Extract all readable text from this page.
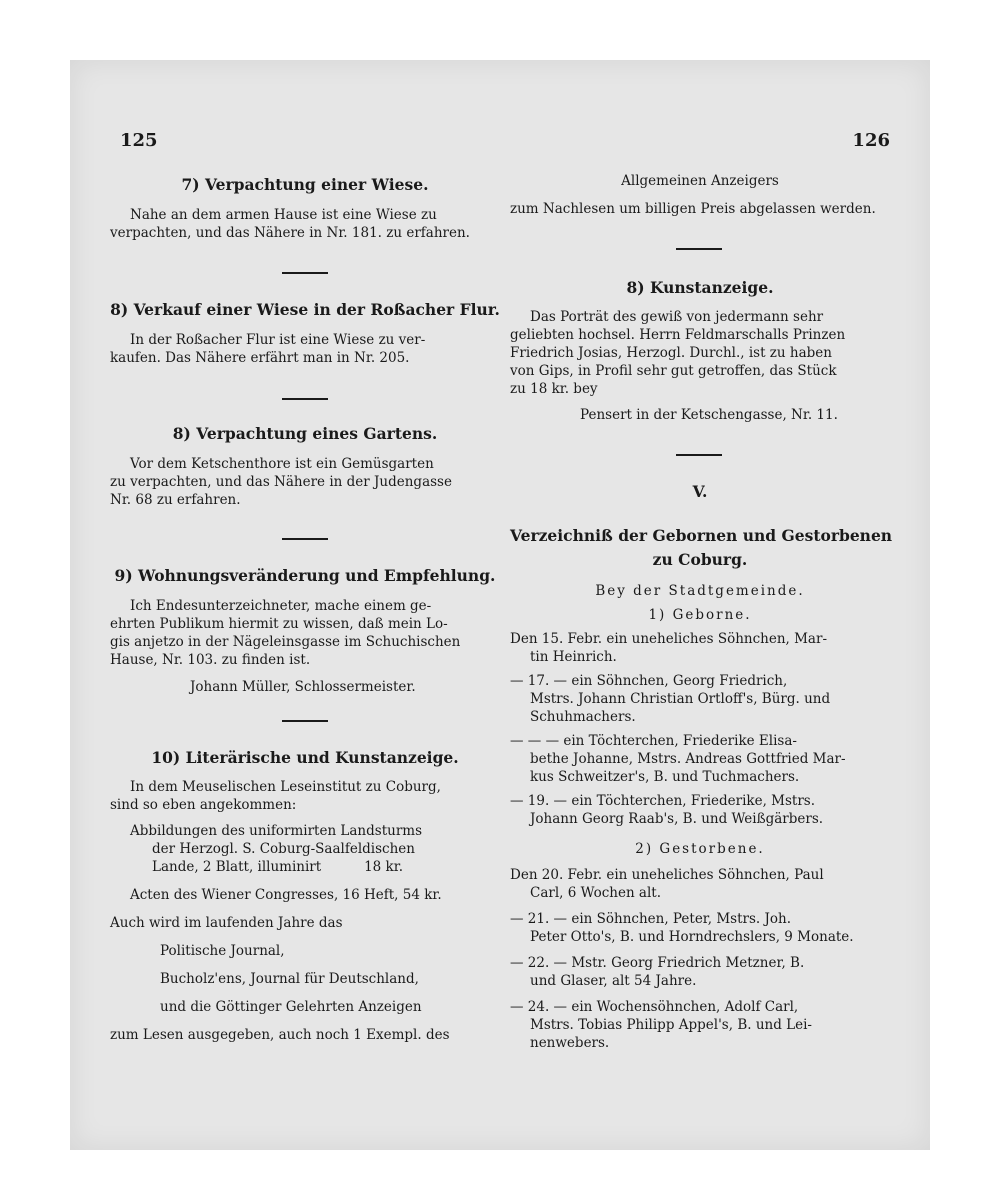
125	126
7) Verpachtung einer Wiese.
Nahe an dem armen Hause ist eine Wiese zu
verpachten, und das Nähere in Nr. 181. zu erfahren.
8) Verkauf einer Wiese in der Roßacher Flur.
In der Roßacher Flur ist eine Wiese zu ver-
kaufen. Das Nähere erfährt man in Nr. 205.
8) Verpachtung eines Gartens.
Vor dem Ketschenthore ist ein Gemüsgarten
zu verpachten, und das Nähere in der Judengasse
Nr. 68 zu erfahren.
9) Wohnungsveränderung und Empfehlung.
Ich Endesunterzeichneter, mache einem ge-
ehrten Publikum hiermit zu wissen, daß mein Lo-
gis anjetzo in der Nägeleinsgasse im Schuchischen
Hause, Nr. 103. zu finden ist.
Johann Müller, Schlossermeister.
10) Literärische und Kunstanzeige.
In dem Meuselischen Leseinstitut zu Coburg,
sind so eben angekommen:
Abbildungen des uniformirten Landsturms
der Herzogl. S. Coburg-Saalfeldischen
Lande, 2 Blatt, illuminirt          18 kr.
Acten des Wiener Congresses, 16 Heft, 54 kr.
Auch wird im laufenden Jahre das
Politische Journal,
Bucholz'ens, Journal für Deutschland,
und die Göttinger Gelehrten Anzeigen
zum Lesen ausgegeben, auch noch 1 Exempl. des
Allgemeinen Anzeigers
zum Nachlesen um billigen Preis abgelassen werden.
8) Kunstanzeige.
Das Porträt des gewiß von jedermann sehr
geliebten hochsel. Herrn Feldmarschalls Prinzen
Friedrich Josias, Herzogl. Durchl., ist zu haben
von Gips, in Profil sehr gut getroffen, das Stück
zu 18 kr. bey
Pensert in der Ketschengasse, Nr. 11.
V.
Verzeichniß der Gebornen und Gestorbenen
zu Coburg.
Bey der Stadtgemeinde.
1) Geborne.
Den 15. Febr. ein uneheliches Söhnchen, Mar-
tin Heinrich.
— 17. — ein Söhnchen, Georg Friedrich,
Mstrs. Johann Christian Ortloff's, Bürg. und
Schuhmachers.
— — — ein Töchterchen, Friederike Elisa-
bethe Johanne, Mstrs. Andreas Gottfried Mar-
kus Schweitzer's, B. und Tuchmachers.
— 19. — ein Töchterchen, Friederike, Mstrs.
Johann Georg Raab's, B. und Weißgärbers.
2) Gestorbene.
Den 20. Febr. ein uneheliches Söhnchen, Paul
Carl, 6 Wochen alt.
— 21. — ein Söhnchen, Peter, Mstrs. Joh.
Peter Otto's, B. und Horndrechslers, 9 Monate.
— 22. — Mstr. Georg Friedrich Metzner, B.
und Glaser, alt 54 Jahre.
— 24. — ein Wochensöhnchen, Adolf Carl,
Mstrs. Tobias Philipp Appel's, B. und Lei-
nenwebers.
